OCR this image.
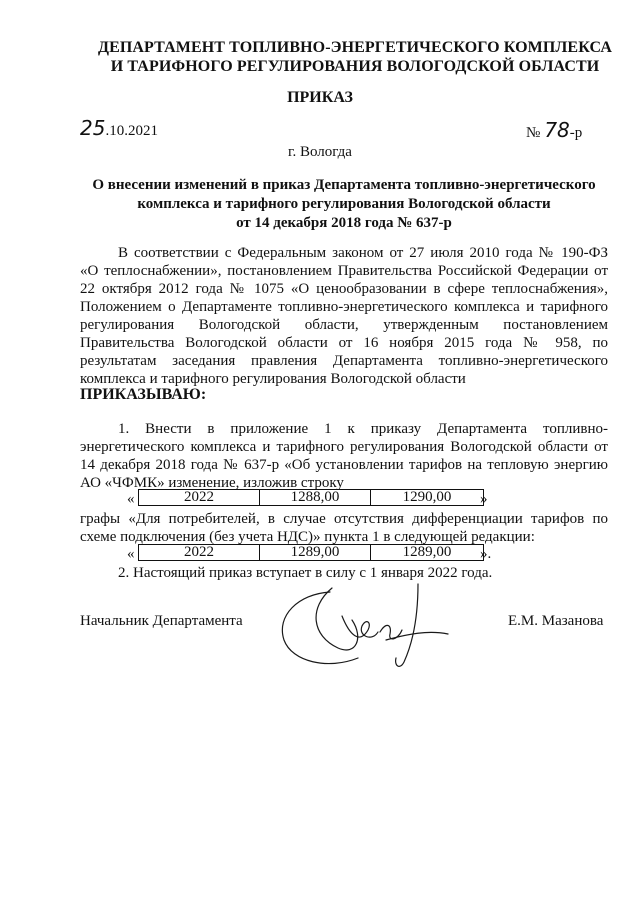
ДЕПАРТАМЕНТ ТОПЛИВНО-ЭНЕРГЕТИЧЕСКОГО КОМПЛЕКСА
И ТАРИФНОГО РЕГУЛИРОВАНИЯ ВОЛОГОДСКОЙ ОБЛАСТИ
ПРИКАЗ
25.10.2021	№ 78-р
г. Вологда
О внесении изменений в приказ Департамента топливно-энергетического
комплекса и тарифного регулирования Вологодской области
от 14 декабря 2018 года № 637-р
В соответствии с Федеральным законом от 27 июля 2010 года № 190-ФЗ
«О теплоснабжении», постановлением Правительства Российской Федерации от
22 октября 2012 года № 1075 «О ценообразовании в сфере теплоснабжения»,
Положением о Департаменте топливно-энергетического комплекса и тарифного
регулирования Вологодской области, утвержденным постановлением
Правительства Вологодской области от 16 ноября 2015 года № 958, по
результатам заседания правления Департамента топливно-энергетического
комплекса и тарифного регулирования Вологодской области
ПРИКАЗЫВАЮ:
1. Внести в приложение 1 к приказу Департамента топливно-
энергетического комплекса и тарифного регулирования Вологодской области от
14 декабря 2018 года № 637-р «Об установлении тарифов на тепловую энергию
АО «ЧФМК» изменение, изложив строку
«	2022	1288,00	1290,00 »
графы «Для потребителей, в случае отсутствия дифференциации тарифов по
схеме подключения (без учета НДС)» пункта 1 в следующей редакции:
«	2022	1289,00	1289,00 ».
2. Настоящий приказ вступает в силу с 1 января 2022 года.
Начальник Департамента	Е.М. Мазанова
